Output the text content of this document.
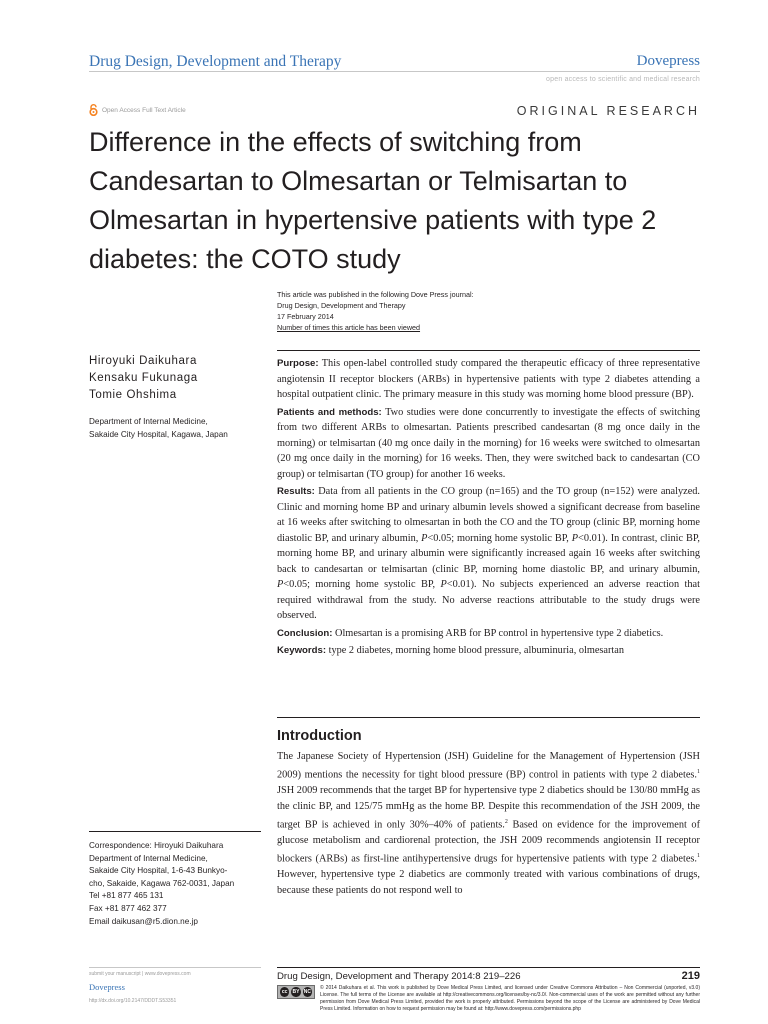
Drug Design, Development and Therapy	Dovepress
open access to scientific and medical research
Open Access Full Text Article	ORIGINAL RESEARCH
Difference in the effects of switching from
Candesartan to Olmesartan or Telmisartan to
Olmesartan in hypertensive patients with type 2
diabetes: the COTO study
This article was published in the following Dove Press journal:
Drug Design, Development and Therapy
17 February 2014
Number of times this article has been viewed
Hiroyuki Daikuhara
Kensaku Fukunaga
Tomie Ohshima
Department of Internal Medicine,
Sakaide City Hospital, Kagawa, Japan

Purpose: This open-label controlled study compared the therapeutic efficacy of three representative angiotensin II receptor blockers (ARBs) in hypertensive patients with type 2 diabetes attending a hospital outpatient clinic. The primary measure in this study was morning home blood pressure (BP).

Patients and methods: Two studies were done concurrently to investigate the effects of switching from two different ARBs to olmesartan. Patients prescribed candesartan (8 mg once daily in the morning) or telmisartan (40 mg once daily in the morning) for 16 weeks were switched to olmesartan (20 mg once daily in the morning) for 16 weeks. Then, they were switched back to candesartan (CO group) or telmisartan (TO group) for another 16 weeks.

Results: Data from all patients in the CO group (n=165) and the TO group (n=152) were analyzed. Clinic and morning home BP and urinary albumin levels showed a significant decrease from baseline at 16 weeks after switching to olmesartan in both the CO and the TO group (clinic BP, morning home diastolic BP, and urinary albumin, P<0.05; morning home systolic BP, P<0.01). In contrast, clinic BP, morning home BP, and urinary albumin were significantly increased again 16 weeks after switching back to candesartan or telmisartan (clinic BP, morning home diastolic BP, and urinary albumin, P<0.05; morning home systolic BP, P<0.01). No subjects experienced an adverse reaction that required withdrawal from the study. No adverse reactions attributable to the study drugs were observed.

Conclusion: Olmesartan is a promising ARB for BP control in hypertensive type 2 diabetics.

Keywords: type 2 diabetes, morning home blood pressure, albuminuria, olmesartan

Introduction

The Japanese Society of Hypertension (JSH) Guideline for the Management of Hypertension (JSH 2009) mentions the necessity for tight blood pressure (BP) control in patients with type 2 diabetes.$^1$ JSH 2009 recommends that the target BP for hypertensive type 2 diabetics should be 130/80 mmHg as the clinic BP, and 125/75 mmHg as the home BP. Despite this recommendation of the JSH 2009, the target BP is achieved in only 30%–40% of patients.$^2$ Based on evidence for the improvement of glucose metabolism and cardiorenal protection, the JSH 2009 recommends angiotensin II receptor blockers (ARBs) as first-line antihypertensive drugs for hypertensive patients with type 2 diabetes.$^1$ However, hypertensive type 2 diabetics are commonly treated with various combinations of drugs, because these patients do not respond well to

Correspondence: Hiroyuki Daikuhara
Department of Internal Medicine,
Sakaide City Hospital, 1-6-43 Bunkyo-
cho, Sakaide, Kagawa 762-0031, Japan
Tel +81 877 465 131
Fax +81 877 462 377
Email daikusan@r5.dion.ne.jp
submit your manuscript | www.dovepress.com
Dovepress
http://dx.doi.org/10.2147/DDDT.S53351
Drug Design, Development and Therapy 2014:8 219–226	219
cc	BY NC
© 2014 Daikuhara et al. This work is published by Dove Medical Press Limited, and licensed under Creative Commons Attribution – Non Commercial (unported, v3.0) License. The full terms of the License are available at http://creativecommons.org/licenses/by-nc/3.0/. Non-commercial uses of the work are permitted without any further permission from Dove Medical Press Limited, provided the work is properly attributed. Permissions beyond the scope of the License are administered by Dove Medical Press Limited. Information on how to request permission may be found at: http://www.dovepress.com/permissions.php
